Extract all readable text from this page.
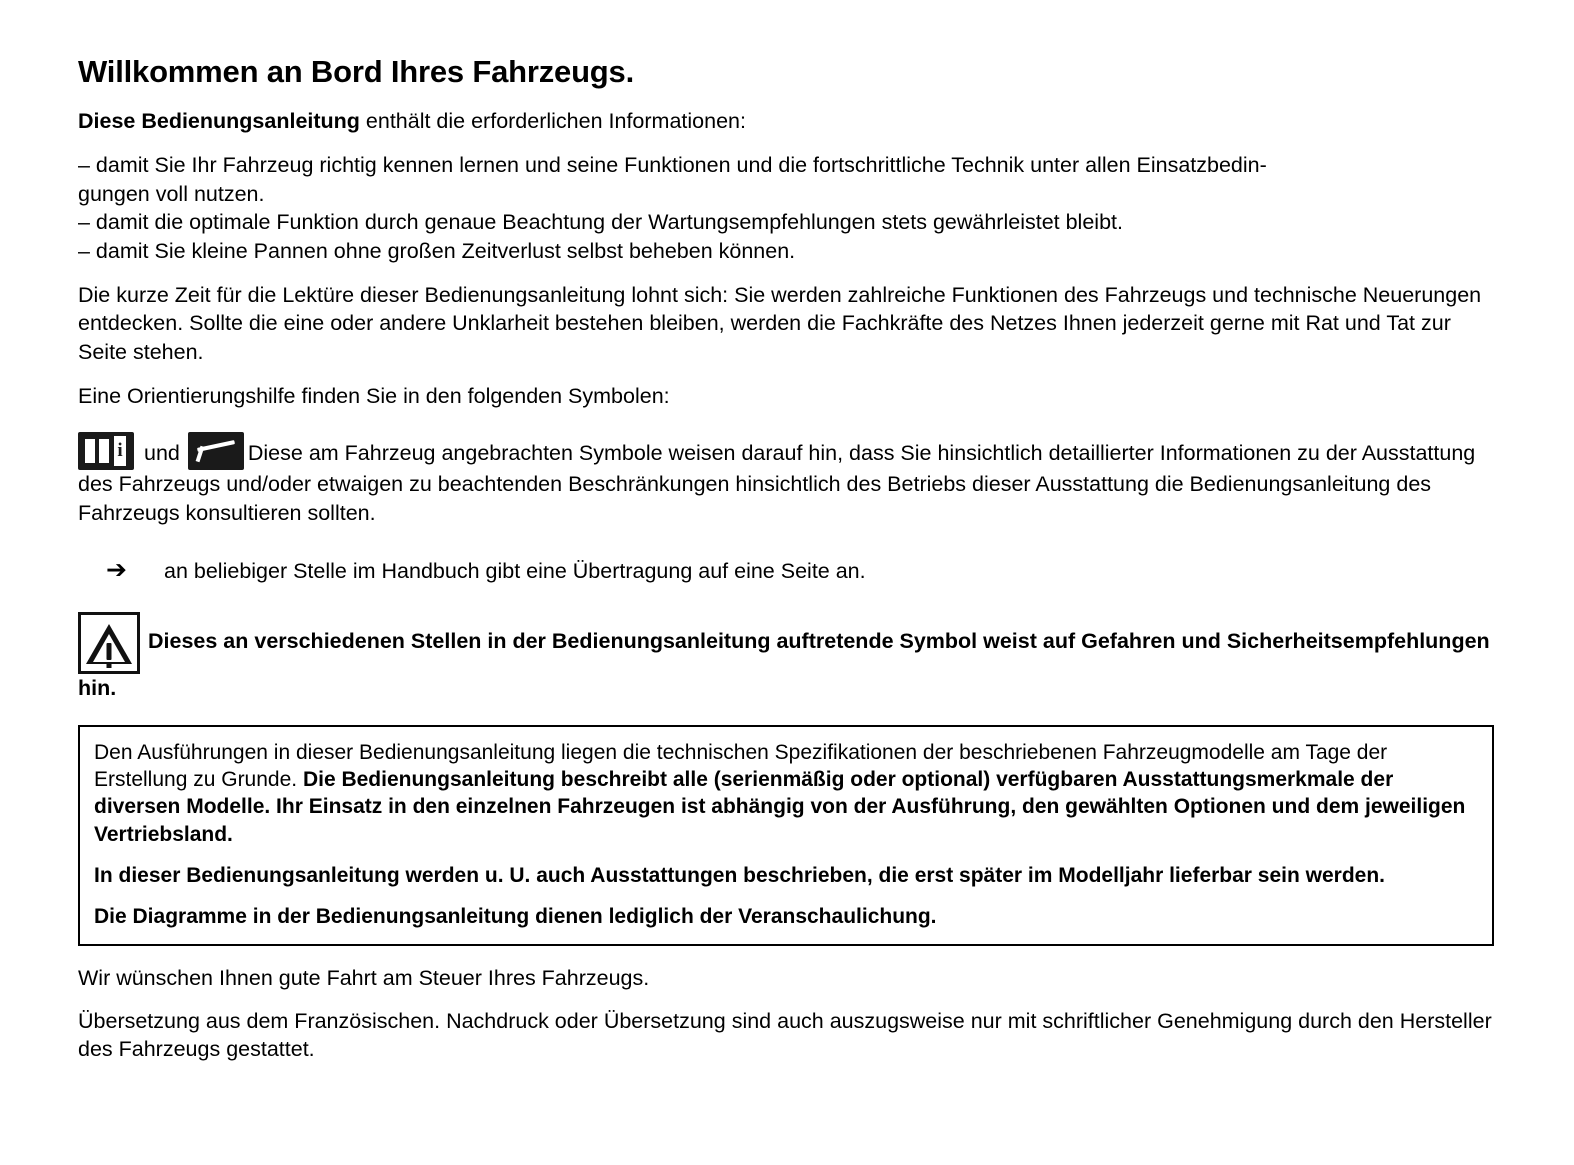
Willkommen an Bord Ihres Fahrzeugs.

Diese Bedienungsanleitung enthält die erforderlichen Informationen:

– damit Sie Ihr Fahrzeug richtig kennen lernen und seine Funktionen und die fortschrittliche Technik unter allen Einsatzbedin-

gungen voll nutzen.

– damit die optimale Funktion durch genaue Beachtung der Wartungsempfehlungen stets gewährleistet bleibt.

– damit Sie kleine Pannen ohne großen Zeitverlust selbst beheben können.

Die kurze Zeit für die Lektüre dieser Bedienungsanleitung lohnt sich: Sie werden zahlreiche Funktionen des Fahrzeugs und technische Neuerungen entdecken. Sollte die eine oder andere Unklarheit bestehen bleiben, werden die Fachkräfte des Netzes Ihnen jederzeit gerne mit Rat und Tat zur Seite stehen.

Eine Orientierungshilfe finden Sie in den folgenden Symbolen:

iund	Diese am Fahrzeug angebrachten Symbole weisen darauf hin, dass Sie hinsichtlich detaillierter Informationen zu der Ausstattung des Fahrzeugs und/oder etwaigen zu beachtenden Beschränkungen hinsichtlich des Betriebs dieser Ausstattung die Bedienungsanleitung des Fahrzeugs konsultieren sollten.
➔	an beliebiger Stelle im Handbuch gibt eine Übertragung auf eine Seite an.

Dieses an verschiedenen Stellen in der Bedienungsanleitung auftretende Symbol weist auf Gefahren und Sicherheitsempfehlungen hin.

Den Ausführungen in dieser Bedienungsanleitung liegen die technischen Spezifikationen der beschriebenen Fahrzeugmodelle am Tage der Erstellung zu Grunde. Die Bedienungsanleitung beschreibt alle (serienmäßig oder optional) verfügbaren Ausstattungsmerkmale der diversen Modelle. Ihr Einsatz in den einzelnen Fahrzeugen ist abhängig von der Ausführung, den gewählten Optionen und dem jeweiligen Vertriebsland.

In dieser Bedienungsanleitung werden u. U. auch Ausstattungen beschrieben, die erst später im Modelljahr lieferbar sein werden.

Die Diagramme in der Bedienungsanleitung dienen lediglich der Veranschaulichung.

Wir wünschen Ihnen gute Fahrt am Steuer Ihres Fahrzeugs.

Übersetzung aus dem Französischen. Nachdruck oder Übersetzung sind auch auszugsweise nur mit schriftlicher Genehmigung durch den Hersteller des Fahrzeugs gestattet.
